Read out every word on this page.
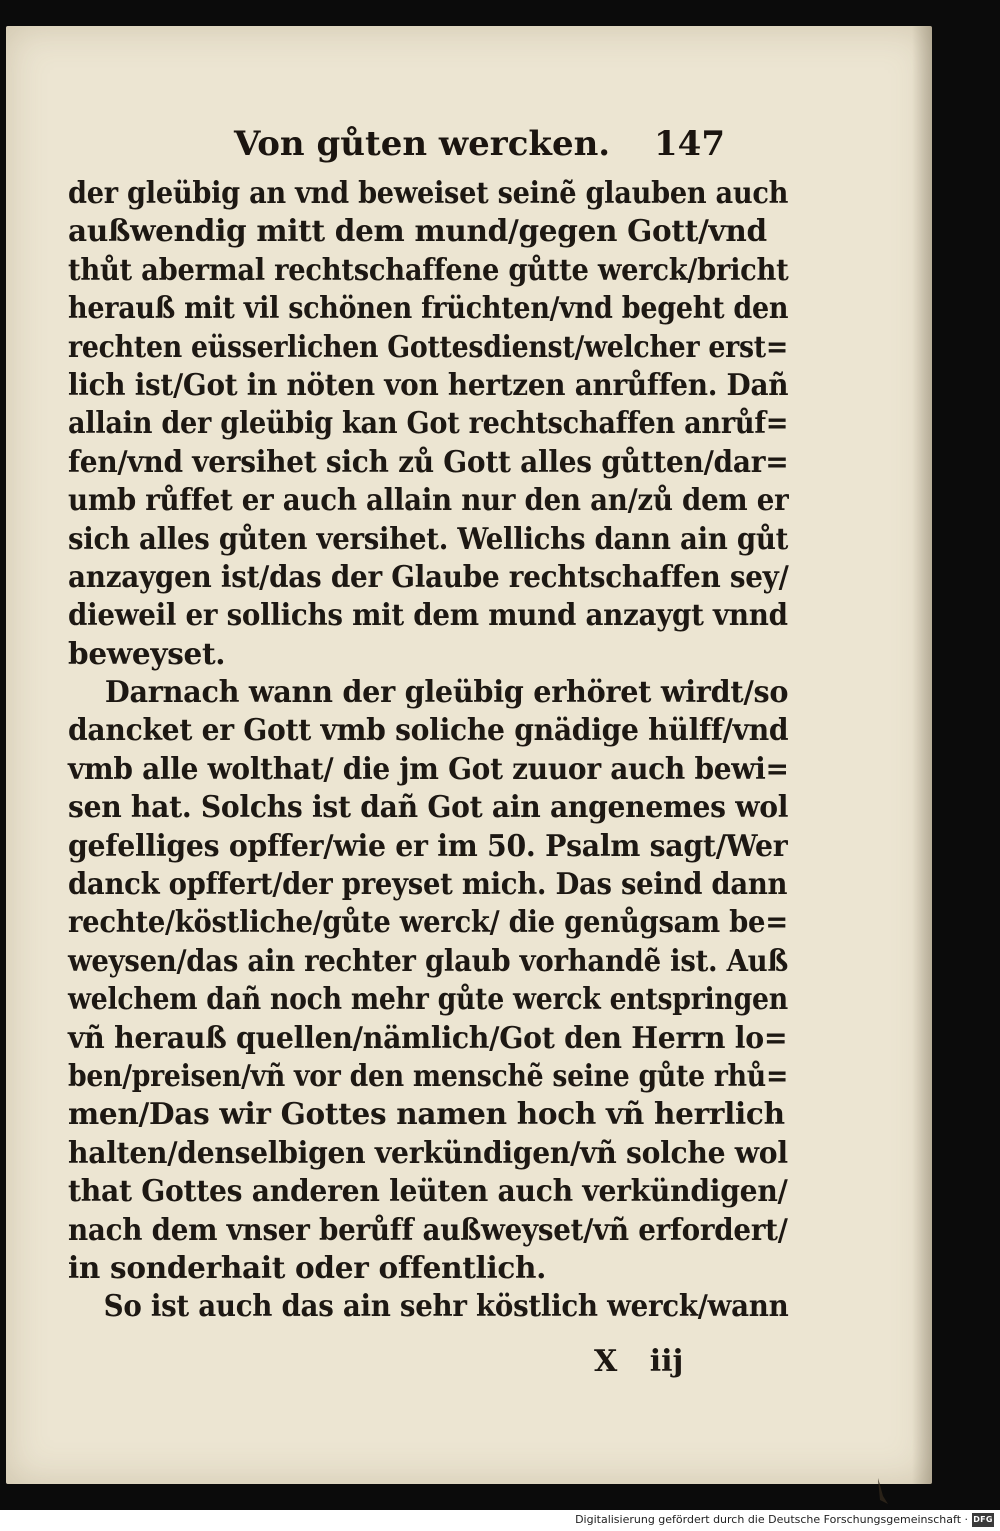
Von gůten wercken. 147
der gleübig an vnd beweiset seinẽ glauben auch
außwendig mitt dem mund/gegen Gott/vnd
thůt abermal rechtschaffene gůtte werck/bricht
herauß mit vil schönen früchten/vnd begeht den
rechten eüsserlichen Gottesdienst/welcher erst=
lich ist/Got in nöten von hertzen anrůffen. Dañ
allain der gleübig kan Got rechtschaffen anrůf=
fen/vnd versihet sich zů Gott alles gůtten/dar=
umb růffet er auch allain nur den an/zů dem er
sich alles gůten versihet. Wellichs dann ain gůt
anzaygen ist/das der Glaube rechtschaffen sey/
dieweil er sollichs mit dem mund anzaygt vnnd
beweyset.
Darnach wann der gleübig erhöret wirdt/so
dancket er Gott vmb soliche gnädige hülff/vnd
vmb alle wolthat/ die jm Got zuuor auch bewi=
sen hat. Solchs ist dañ Got ain angenemes wol
gefelliges opffer/wie er im 50. Psalm sagt/Wer
danck opffert/der preyset mich. Das seind dann
rechte/köstliche/gůte werck/ die genůgsam be=
weysen/das ain rechter glaub vorhandẽ ist. Auß
welchem dañ noch mehr gůte werck entspringen
vñ herauß quellen/nämlich/Got den Herrn lo=
ben/preisen/vñ vor den menschẽ seine gůte rhů=
men/Das wir Gottes namen hoch vñ herrlich
halten/denselbigen verkündigen/vñ solche wol
that Gottes anderen leüten auch verkündigen/
nach dem vnser berůff außweyset/vñ erfordert/
in sonderhait oder offentlich.
So ist auch das ain sehr köstlich werck/wann
X iij
Digitalisierung gefördert durch die Deutsche Forschungsgemeinschaft · DFG
